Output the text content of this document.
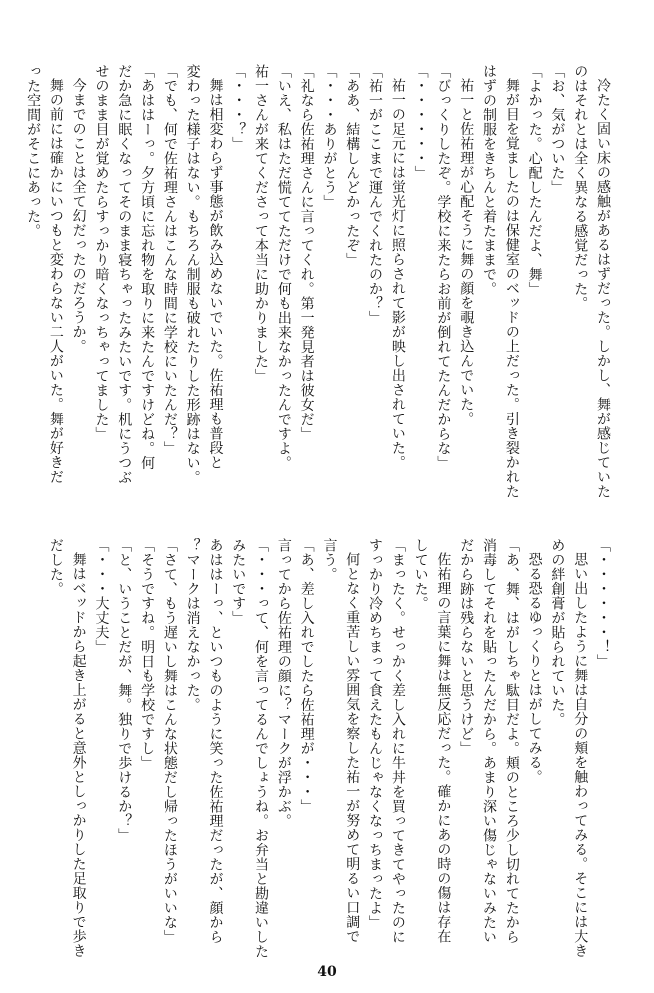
冷たく固い床の感触があるはずだった。しかし、舞が感じていた
のはそれとは全く異なる感覚だった。
「お、気がついた」
「よかった。心配したんだよ、舞」
舞が目を覚ましたのは保健室のベッドの上だった。引き裂かれた
はずの制服をきちんと着たままで。
祐一と佐祐理が心配そうに舞の顔を覗き込んでいた。
「びっくりしたぞ。学校に来たらお前が倒れてたんだからな」
「・・・・・・」
祐一の足元には蛍光灯に照らされて影が映し出されていた。
「祐一がここまで運んでくれたのか？」
「ああ、結構しんどかったぞ」
「・・・ありがとう」
「礼なら佐祐理さんに言ってくれ。第一発見者は彼女だ」
「いえ、私はただ慌ててただけで何も出来なかったんですよ。
祐一さんが来てくださって本当に助かりました」
「・・・？」
舞は相変わらず事態が飲み込めないでいた。佐祐理も普段と
変わった様子はない。もちろん制服も破れたりした形跡はない。
「でも、何で佐祐理さんはこんな時間に学校にいたんだ？」
「あははーっ。夕方頃に忘れ物を取りに来たんですけどね。何
だか急に眠くなってそのまま寝ちゃったみたいです。机にうつぶ
せのまま目が覚めたらすっかり暗くなっちゃってました」
今までのことは全て幻だったのだろうか。
舞の前には確かにいつもと変わらない二人がいた。舞が好きだ
った空間がそこにあった。
「・・・・・・！」
思い出したように舞は自分の頬を触わってみる。そこには大き
めの絆創膏が貼られていた。
恐る恐るゆっくりとはがしてみる。
「あ、舞、はがしちゃ駄目だよ。頬のところ少し切れてたから
消毒してそれを貼ったんだから。あまり深い傷じゃないみたい
だから跡は残らないと思うけど」
佐祐理の言葉に舞は無反応だった。確かにあの時の傷は存在
していた。
「まったく。せっかく差し入れに牛丼を買ってきてやったのに
すっかり冷めちまって食えたもんじゃなくなっちまったよ」
何となく重苦しい雰囲気を察した祐一が努めて明るい口調で
言う。
「あ、差し入れでしたら佐祐理が・・・」
言ってから佐祐理の顔に？マークが浮かぶ。
「・・・って、何を言ってるんでしょうね。お弁当と勘違いした
みたいです」
あははーっ、といつものように笑った佐祐理だったが、顔から
？マークは消えなかった。
「さて、もう遅いし舞はこんな状態だし帰ったほうがいいな」
「そうですね。明日も学校ですし」
「と、いうことだが、舞。独りで歩けるか？」
「・・・大丈夫」
舞はベッドから起き上がると意外としっかりした足取りで歩き
だした。
40
